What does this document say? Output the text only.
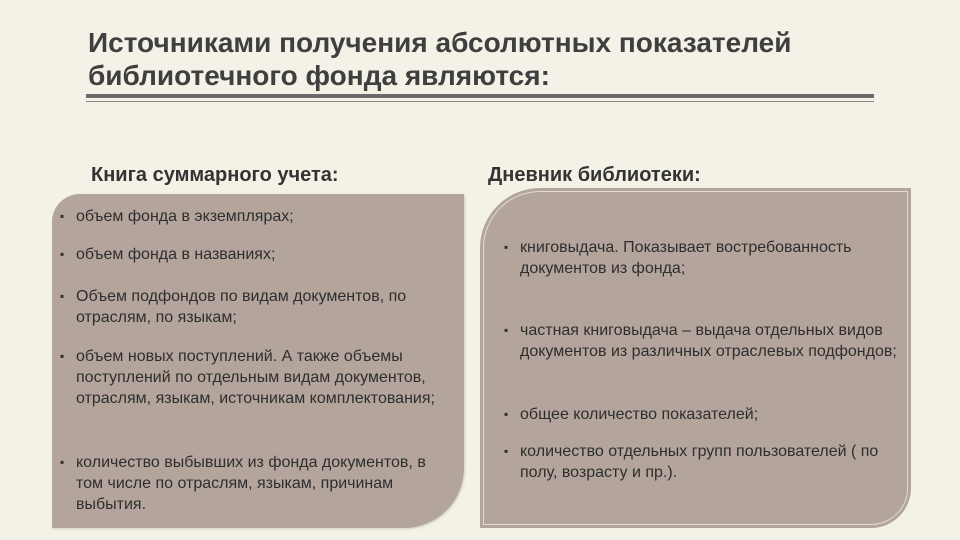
Источниками получения абсолютных показателей библиотечного фонда являются:
Книга суммарного учета:	Дневник библиотеки:
▪ объем фонда в экземплярах;
▪ объем фонда в названиях;
▪ Объем подфондов по видам документов, по отраслям, по языкам;
▪ объем новых поступлений. А также объемы поступлений по отдельным видам документов, отраслям, языкам, источникам комплектования;
▪ количество выбывших из фонда документов, в том числе по отраслям, языкам, причинам выбытия.
▪ книговыдача. Показывает востребованность документов из фонда;
▪ частная книговыдача – выдача отдельных видов документов из различных отраслевых подфондов;
▪ общее количество показателей;
▪ количество отдельных групп пользователей ( по полу, возрасту и пр.).
